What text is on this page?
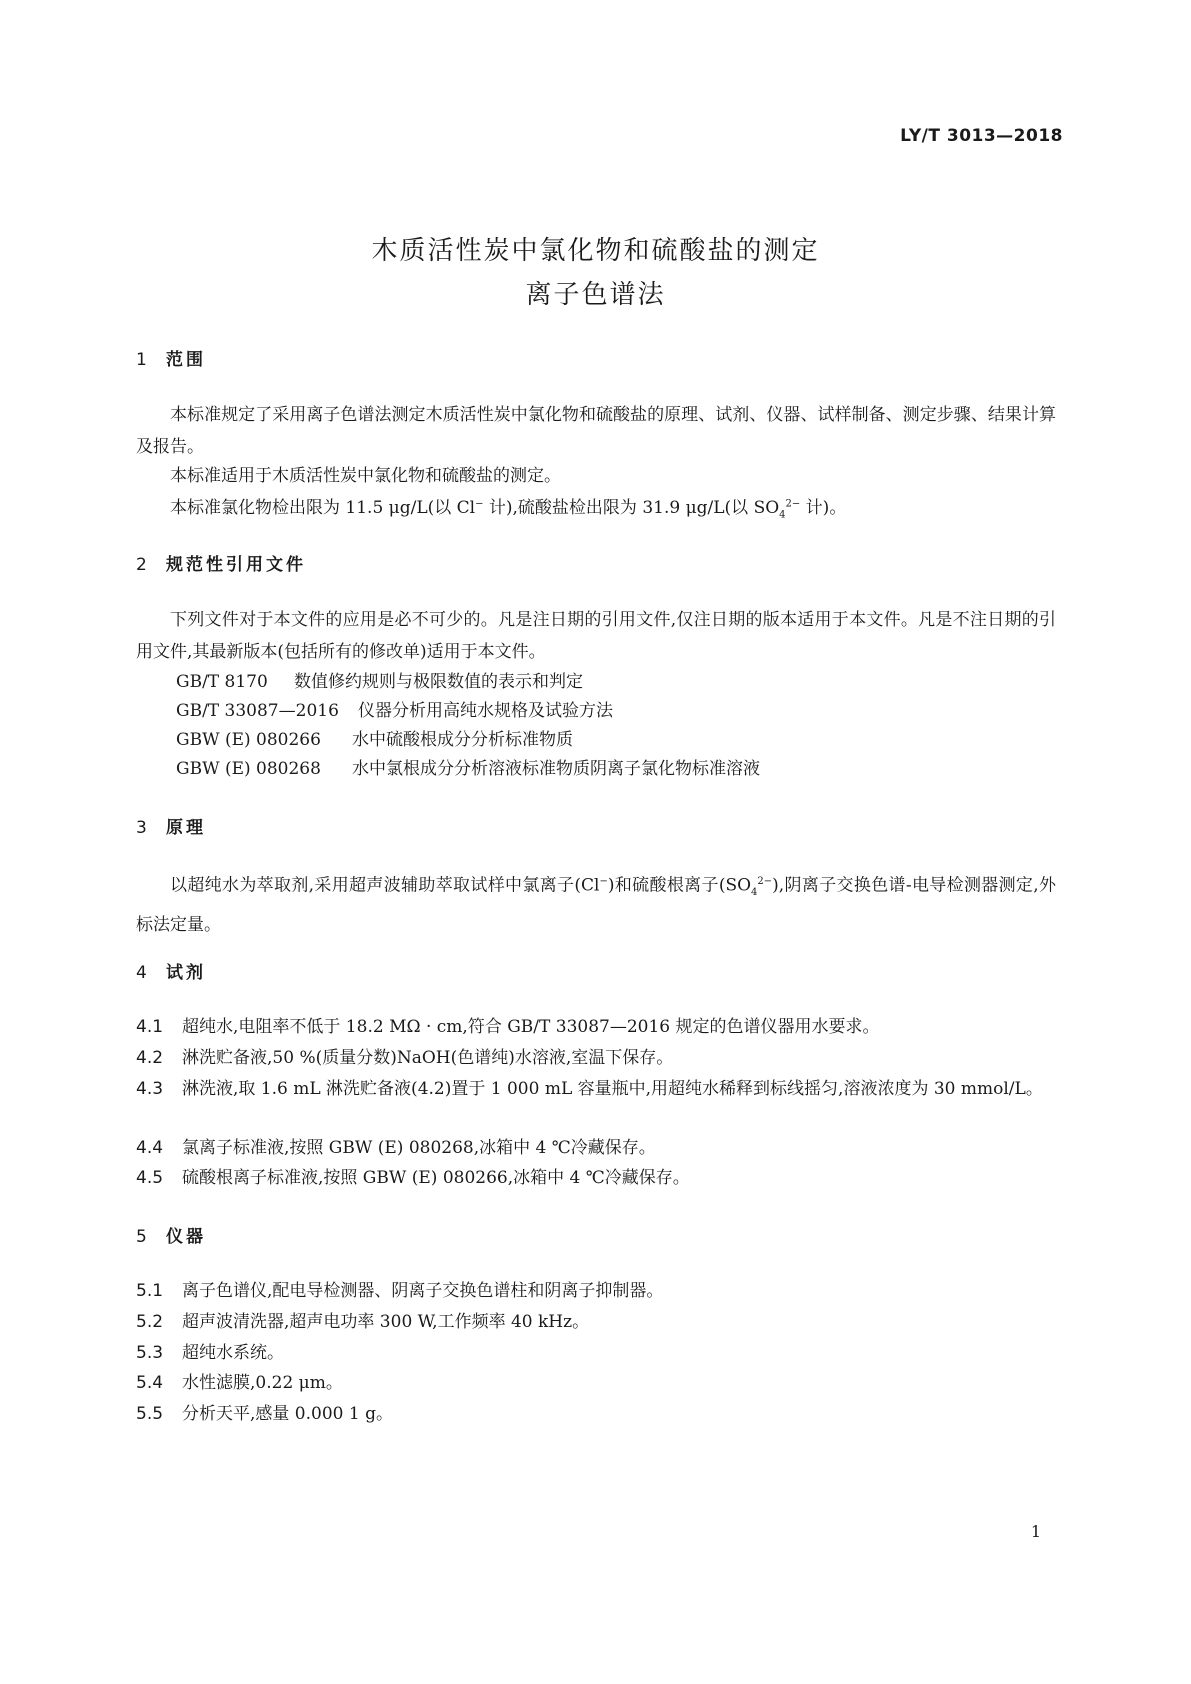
LY/T 3013—2018
木质活性炭中氯化物和硫酸盐的测定
离子色谱法
1 范围
本标准规定了采用离子色谱法测定木质活性炭中氯化物和硫酸盐的原理、试剂、仪器、试样制备、测定步骤、结果计算及报告。
本标准适用于木质活性炭中氯化物和硫酸盐的测定。
本标准氯化物检出限为 11.5 μg/L(以 Cl− 计),硫酸盐检出限为 31.9 μg/L(以 $SO_4^{2-}$ 计)。
2 规范性引用文件
下列文件对于本文件的应用是必不可少的。凡是注日期的引用文件,仅注日期的版本适用于本文件。凡是不注日期的引用文件,其最新版本(包括所有的修改单)适用于本文件。
GB/T 8170 数值修约规则与极限数值的表示和判定
GB/T 33087—2016 仪器分析用高纯水规格及试验方法
GBW (E) 080266 水中硫酸根成分分析标准物质
GBW (E) 080268 水中氯根成分分析溶液标准物质阴离子氯化物标准溶液
3 原理
以超纯水为萃取剂,采用超声波辅助萃取试样中氯离子(Cl−)和硫酸根离子$(SO_4^{2-})$,阴离子交换色谱-电导检测器测定,外标法定量。
4 试剂
4.1 超纯水,电阻率不低于 18.2 MΩ · cm,符合 GB/T 33087—2016 规定的色谱仪器用水要求。
4.2 淋洗贮备液,50 %(质量分数)NaOH(色谱纯)水溶液,室温下保存。
4.3 淋洗液,取 1.6 mL 淋洗贮备液(4.2)置于 1 000 mL 容量瓶中,用超纯水稀释到标线摇匀,溶液浓度为 30 mmol/L。
4.4 氯离子标准液,按照 GBW (E) 080268,冰箱中 4 ℃冷藏保存。
4.5 硫酸根离子标准液,按照 GBW (E) 080266,冰箱中 4 ℃冷藏保存。
5 仪器
5.1 离子色谱仪,配电导检测器、阴离子交换色谱柱和阴离子抑制器。
5.2 超声波清洗器,超声电功率 300 W,工作频率 40 kHz。
5.3 超纯水系统。
5.4 水性滤膜,0.22 μm。
5.5 分析天平,感量 0.000 1 g。
1
